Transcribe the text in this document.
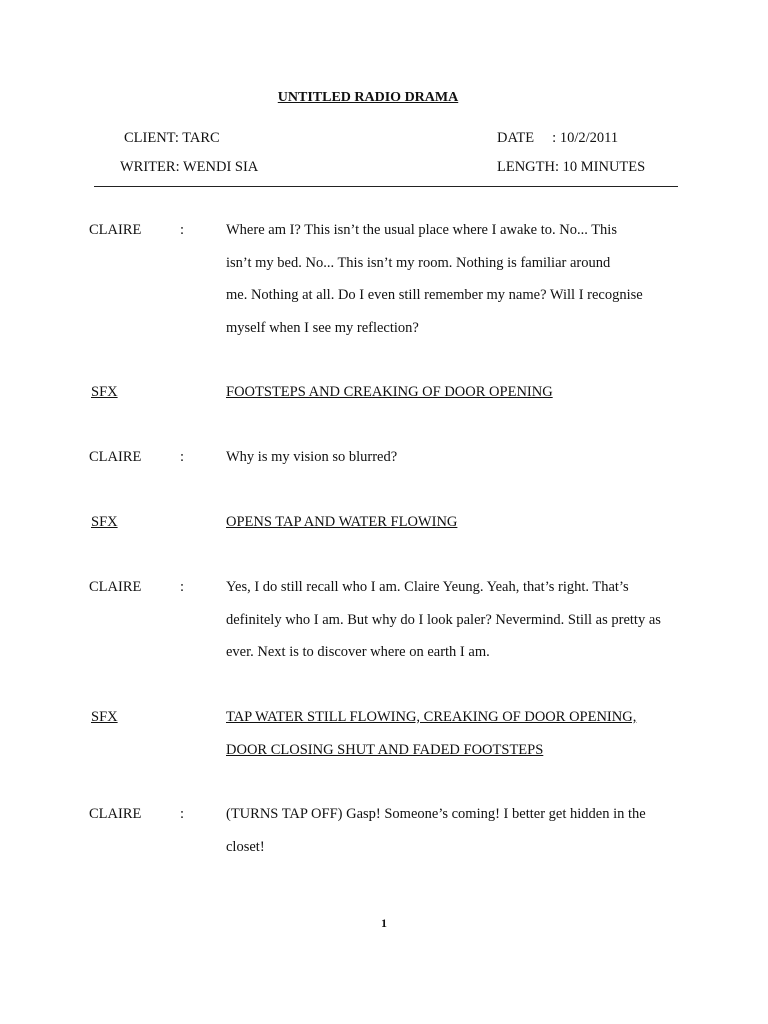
UNTITLED RADIO DRAMA
CLIENT: TARC
WRITER: WENDI SIA
DATE     : 10/2/2011
LENGTH: 10 MINUTES
CLAIRE	:	Where am I? This isn’t the usual place where I awake to. No... This
isn’t my bed. No... This isn’t my room. Nothing is familiar around
me. Nothing at all. Do I even still remember my name? Will I recognise
myself when I see my reflection?
SFX	FOOTSTEPS AND CREAKING OF DOOR OPENING
CLAIRE	:	Why is my vision so blurred?
SFX	OPENS TAP AND WATER FLOWING
CLAIRE	:	Yes, I do still recall who I am. Claire Yeung. Yeah, that’s right. That’s
definitely who I am. But why do I look paler? Nevermind. Still as pretty as
ever. Next is to discover where on earth I am.
SFX	TAP WATER STILL FLOWING, CREAKING OF DOOR OPENING,
DOOR CLOSING SHUT AND FADED FOOTSTEPS
CLAIRE	:	(TURNS TAP OFF) Gasp! Someone’s coming! I better get hidden in the
closet!
1
